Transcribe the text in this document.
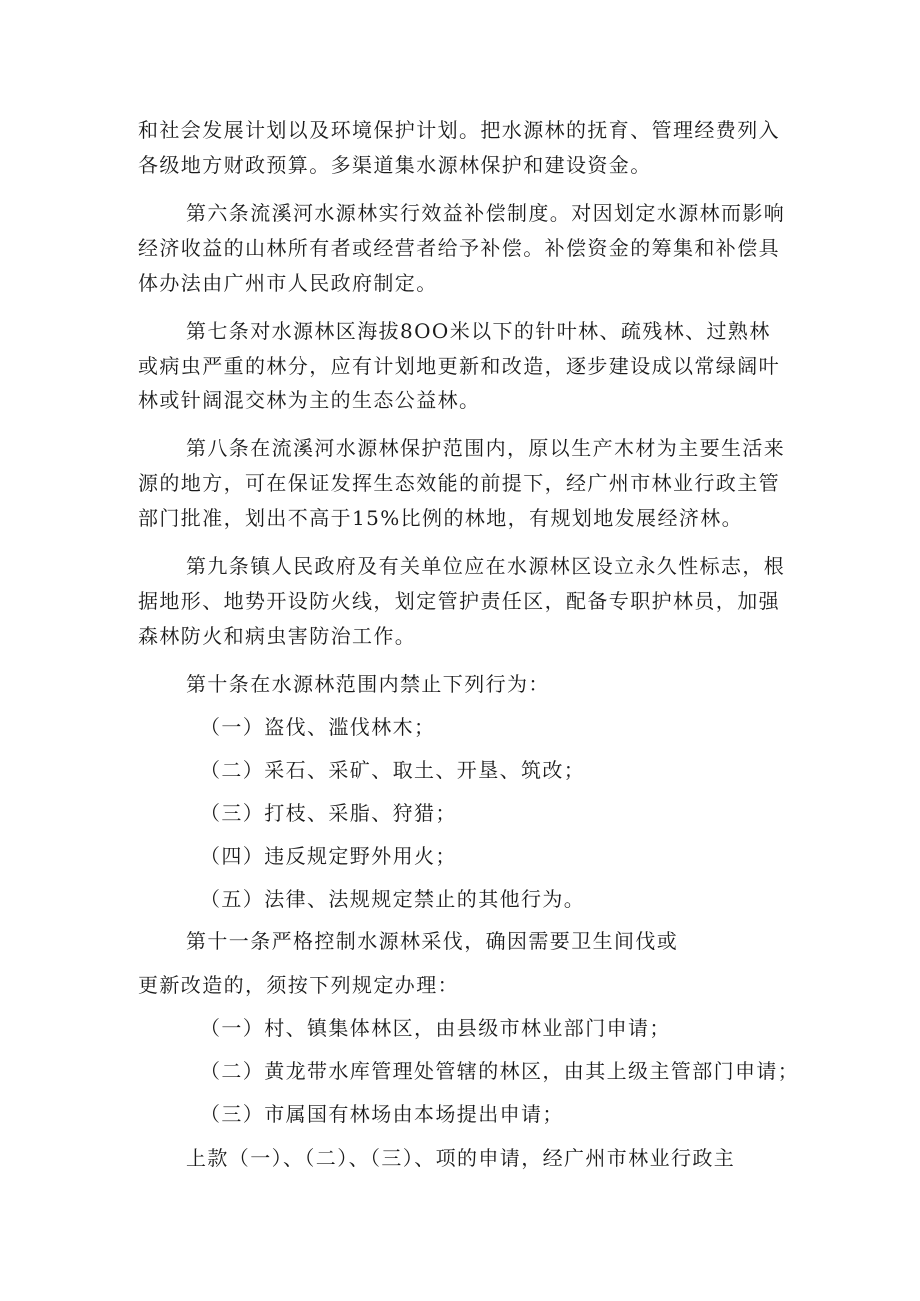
和社会发展计划以及环境保护计划。把水源林的抚育、管理经费列入
各级地方财政预算。多渠道集水源林保护和建设资金。
第六条流溪河水源林实行效益补偿制度。对因划定水源林而影响
经济收益的山林所有者或经营者给予补偿。补偿资金的筹集和补偿具
体办法由广州市人民政府制定。
第七条对水源林区海拔8OO米以下的针叶林、疏残林、过熟林
或病虫严重的林分，应有计划地更新和改造，逐步建设成以常绿阔叶
林或针阔混交林为主的生态公益林。
第八条在流溪河水源林保护范围内，原以生产木材为主要生活来
源的地方，可在保证发挥生态效能的前提下，经广州市林业行政主管
部门批准，划出不高于15%比例的林地，有规划地发展经济林。
第九条镇人民政府及有关单位应在水源林区设立永久性标志，根
据地形、地势开设防火线，划定管护责任区，配备专职护林员，加强
森林防火和病虫害防治工作。
第十条在水源林范围内禁止下列行为：
（一）盗伐、滥伐林木；
（二）采石、采矿、取土、开垦、筑改；
（三）打枝、采脂、狩猎；
（四）违反规定野外用火；
（五）法律、法规规定禁止的其他行为。
第十一条严格控制水源林采伐，确因需要卫生间伐或
更新改造的，须按下列规定办理：
（一）村、镇集体林区，由县级市林业部门申请；
（二）黄龙带水库管理处管辖的林区，由其上级主管部门申请；
（三）市属国有林场由本场提出申请；
上款（一）、（二）、（三）、项的申请，经广州市林业行政主
